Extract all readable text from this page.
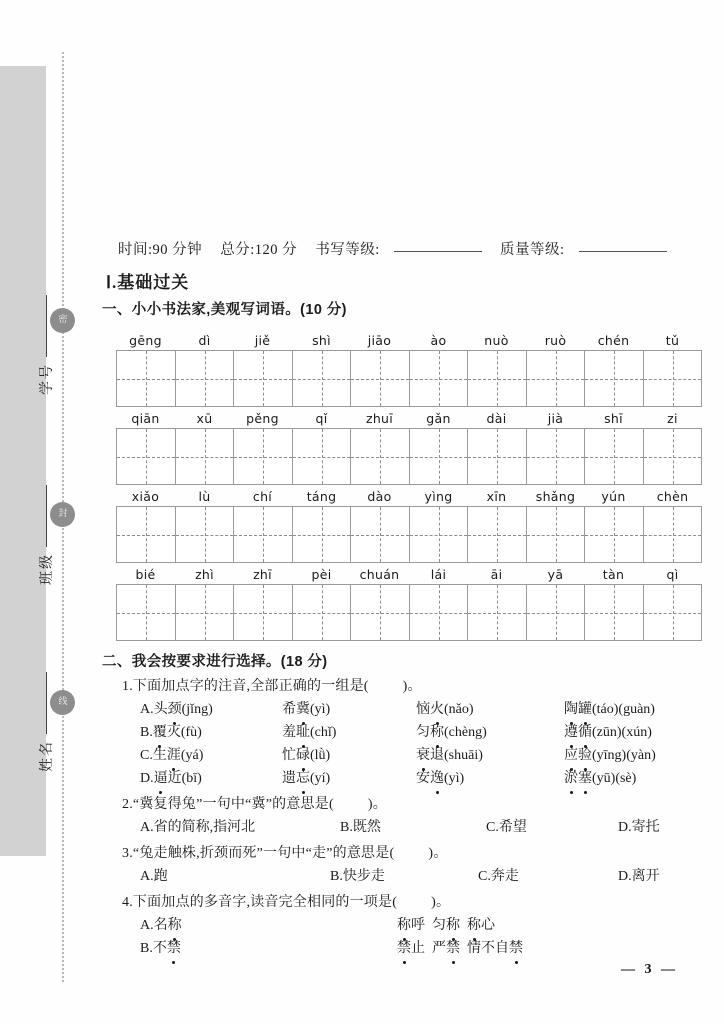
密
封
线
学号
班级
姓名
时间:90 分钟 总分:120 分 书写等级:	质量等级:
Ⅰ.基础过关
一、小小书法家,美观写词语。(10 分)
gēng	dì	jiě	shì	jiāo	ào	nuò	ruò	chén	tǔ
qiān	xū	pěng	qǐ	zhuī	gǎn	dài	jià	shī	zi
xiǎo	lù	chí	táng	dào	yìng	xīn	shǎng	yún	chèn
bié	zhì	zhī	pèi	chuán	lái	āi	yā	tàn	qì
二、我会按要求进行选择。(18 分)
1.下面加点字的注音,全部正确的一组是( )。
A.头颈(jǐng)	希冀(yì)	恼火(nǎo)	陶罐(táo)(guàn)
B.覆灭(fù)	羞耻(chǐ)	匀称(chèng)	遵循(zūn)(xún)
C.生涯(yá)	忙碌(lǜ)	衰退(shuāi)	应验(yīng)(yàn)
D.逼近(bī)	遗忘(yí)	安逸(yì)	淤塞(yū)(sè)
2.“冀复得兔”一句中“冀”的意思是( )。
A.省的简称,指河北	B.既然	C.希望	D.寄托
3.“兔走触株,折颈而死”一句中“走”的意思是( )。
A.跑	B.快步走	C.奔走	D.离开
4.下面加点的多音字,读音完全相同的一项是( )。
A.名称 	称呼  匀称  称心
B.不禁 	禁止  严禁  情不自禁
— 3 —
